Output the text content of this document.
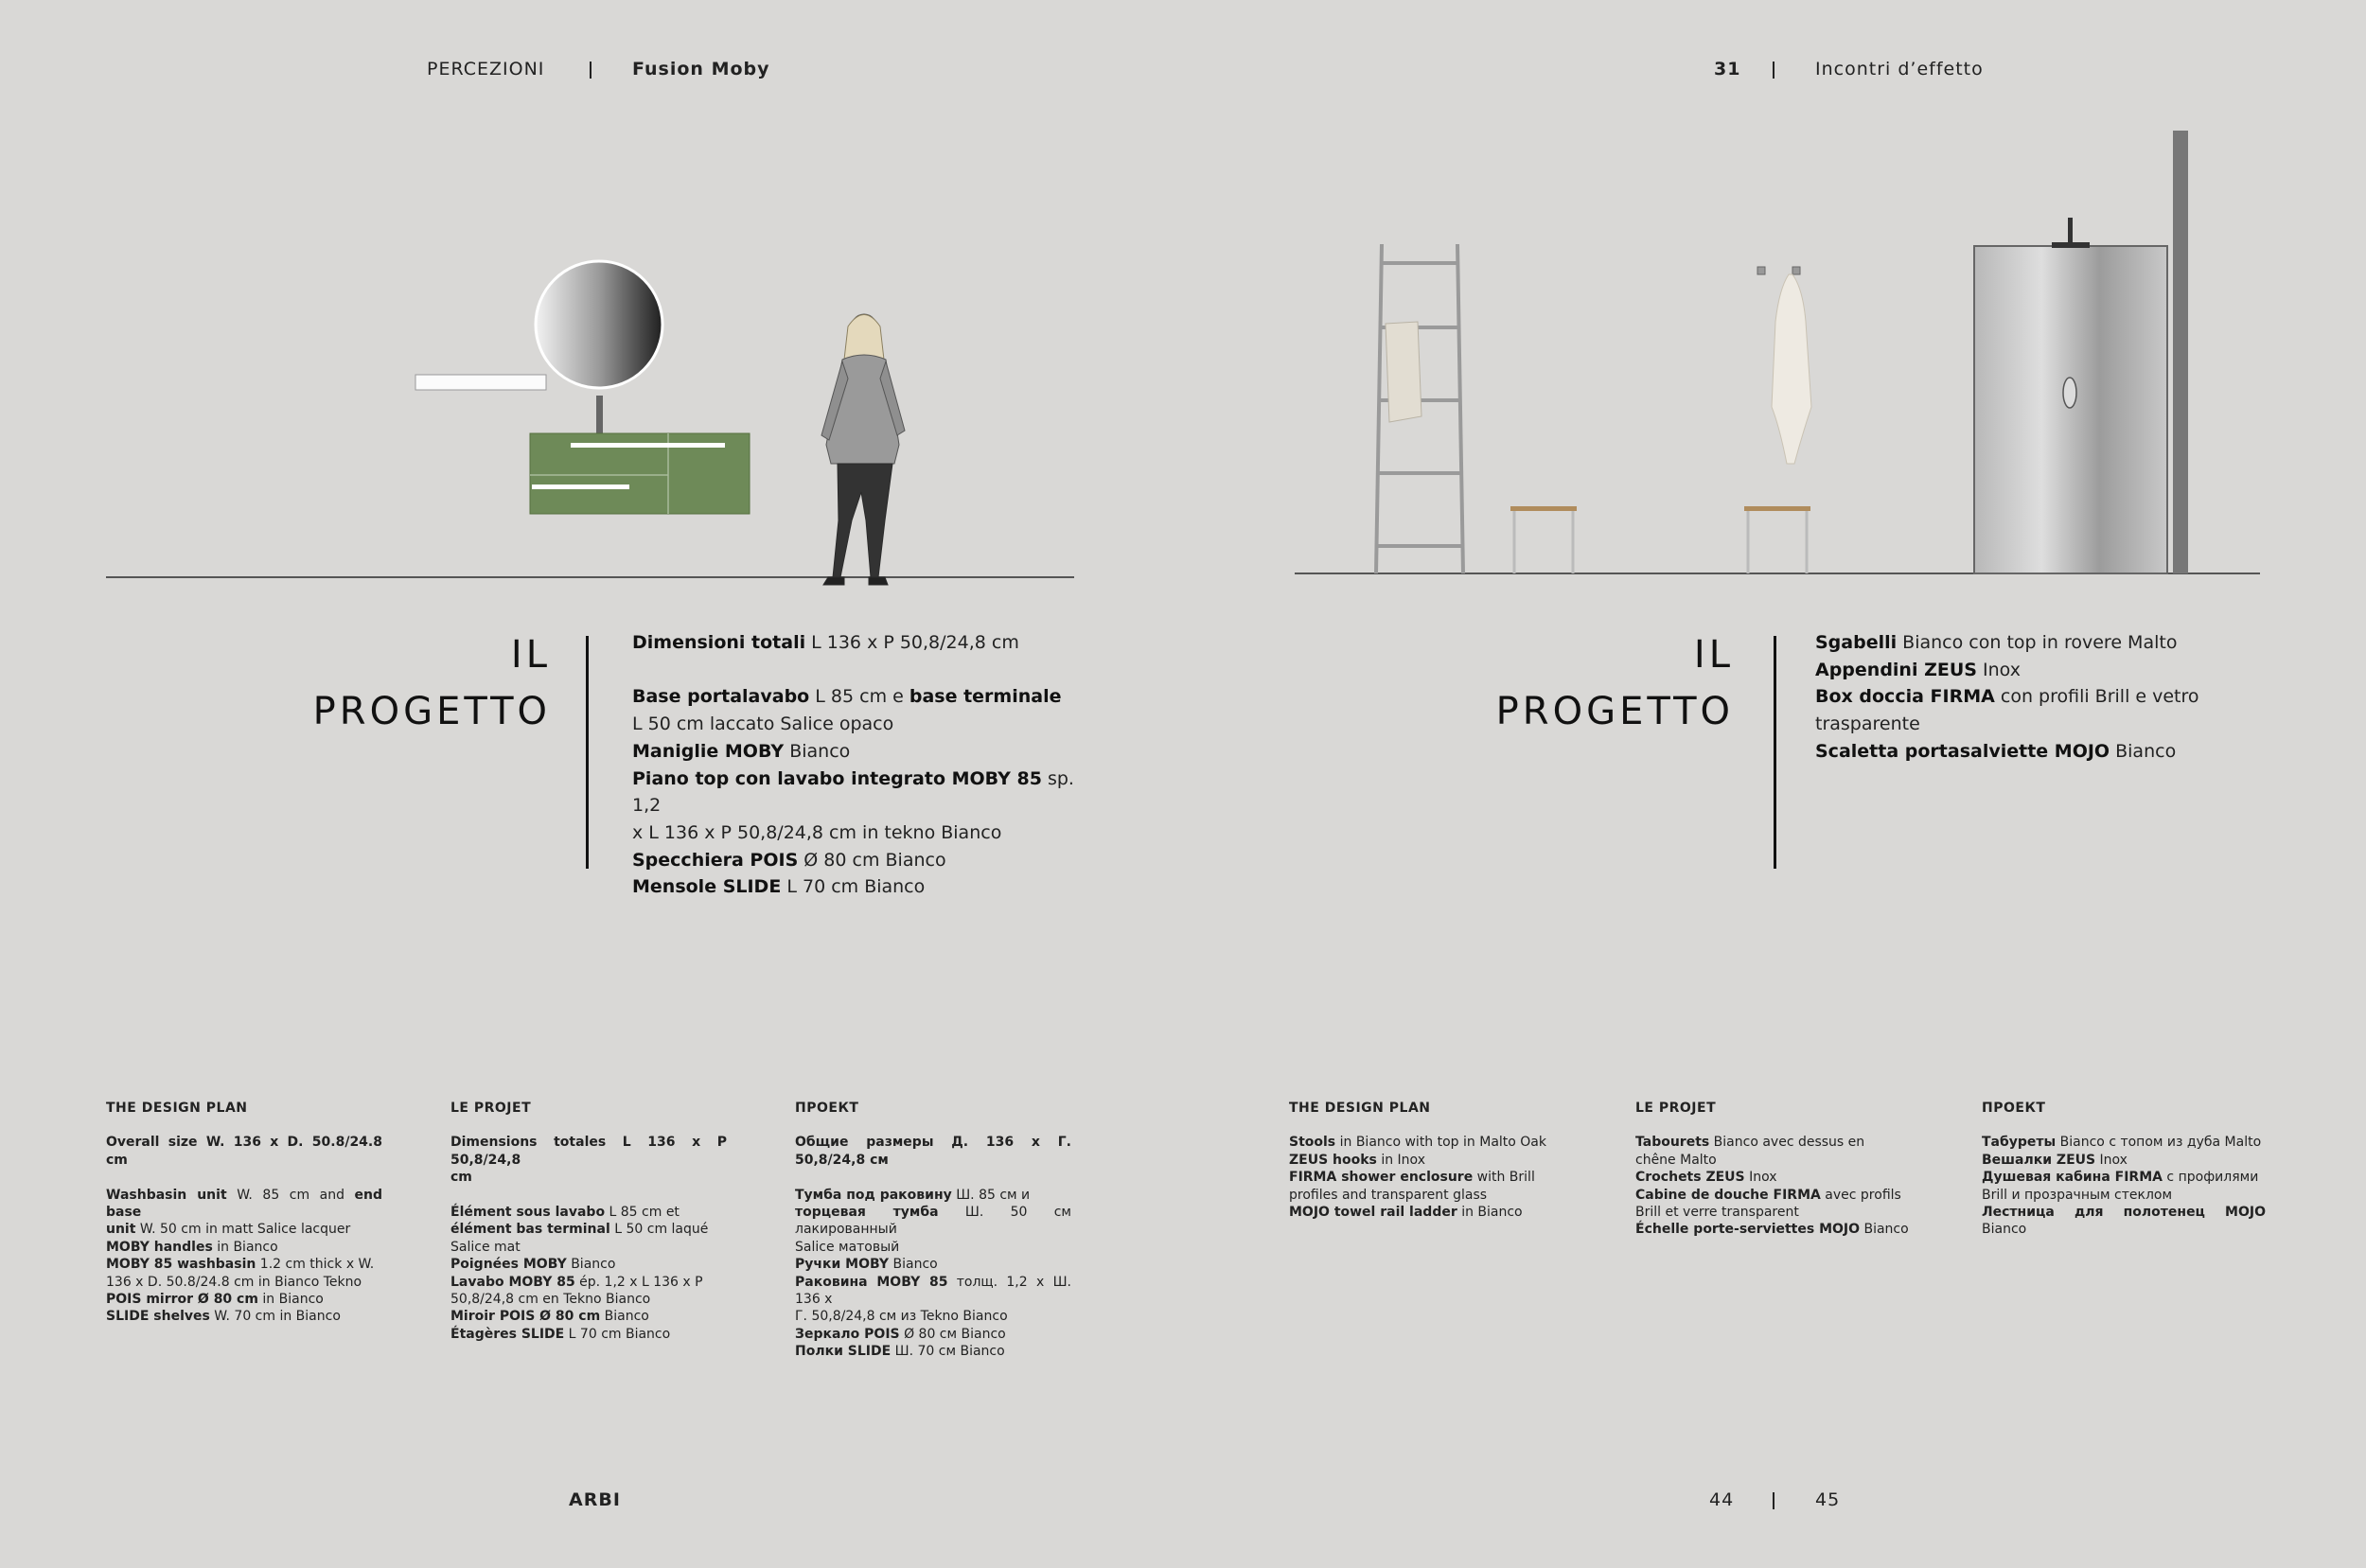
PERCEZIONI	Fusion Moby	31	Incontri d’effetto
IL
PROGETTO

Dimensioni totali L 136 x P 50,8/24,8 cm

Base portalavabo L 85 cm e base terminale

L 50 cm laccato Salice opaco

Maniglie MOBY Bianco

Piano top con lavabo integrato MOBY 85 sp. 1,2

x L 136 x P 50,8/24,8 cm in tekno Bianco

Specchiera POIS Ø 80 cm Bianco

Mensole SLIDE L 70 cm Bianco

IL
PROGETTO

Sgabelli Bianco con top in rovere Malto

Appendini ZEUS Inox

Box doccia FIRMA con profili Brill e vetro

trasparente

Scaletta portasalviette MOJO Bianco

THE DESIGN PLAN

Overall size W. 136 x D. 50.8/24.8 cm

Washbasin unit W. 85 cm and end base

unit W. 50 cm in matt Salice lacquer

MOBY handles in Bianco

MOBY 85 washbasin 1.2 cm thick x W.

136 x D. 50.8/24.8 cm in Bianco Tekno

POIS mirror Ø 80 cm in Bianco

SLIDE shelves W. 70 cm in Bianco

LE PROJET

Dimensions totales L 136 x P 50,8/24,8

cm

Élément sous lavabo L 85 cm et

élément bas terminal L 50 cm laqué

Salice mat

Poignées MOBY Bianco

Lavabo MOBY 85 ép. 1,2 x L 136 x P

50,8/24,8 cm en Tekno Bianco

Miroir POIS Ø 80 cm Bianco

Étagères SLIDE L 70 cm Bianco

ПРОЕКТ

Общие размеры Д. 136 x Г. 50,8/24,8 см

Тумба под раковину Ш. 85 см и

торцевая тумба Ш. 50 см лакированный

Salice матовый

Ручки MOBY Bianco

Раковина MOBY 85 толщ. 1,2 x Ш. 136 x

Г. 50,8/24,8 см из Tekno Bianco

Зеркало POIS Ø 80 см Bianco

Полки SLIDE Ш. 70 см Bianco

THE DESIGN PLAN

Stools in Bianco with top in Malto Oak

ZEUS hooks in Inox

FIRMA shower enclosure with Brill

profiles and transparent glass

MOJO towel rail ladder in Bianco

LE PROJET

Tabourets Bianco avec dessus en

chêne Malto

Crochets ZEUS Inox

Cabine de douche FIRMA avec profils

Brill et verre transparent

Échelle porte-serviettes MOJO Bianco

ПРОЕКТ

Табуреты Bianco с топом из дуба Malto

Вешалки ZEUS Inox

Душевая кабина FIRMA с профилями

Brill и прозрачным стеклом

Лестница для полотенец MOJO Bianco

ARBI	44	45
